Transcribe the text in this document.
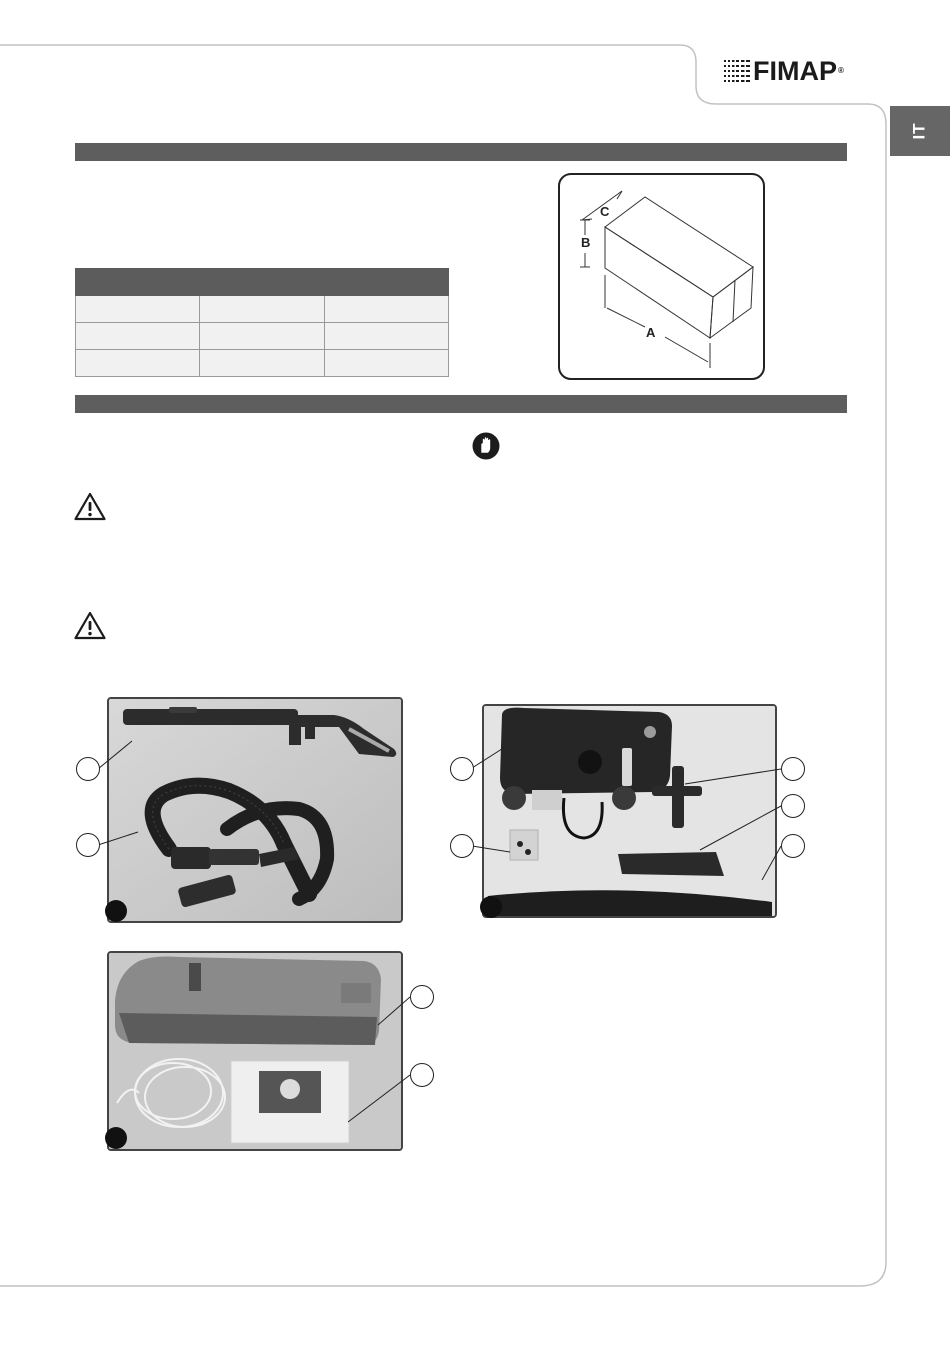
FIMAP ®
IT

C
B
A
